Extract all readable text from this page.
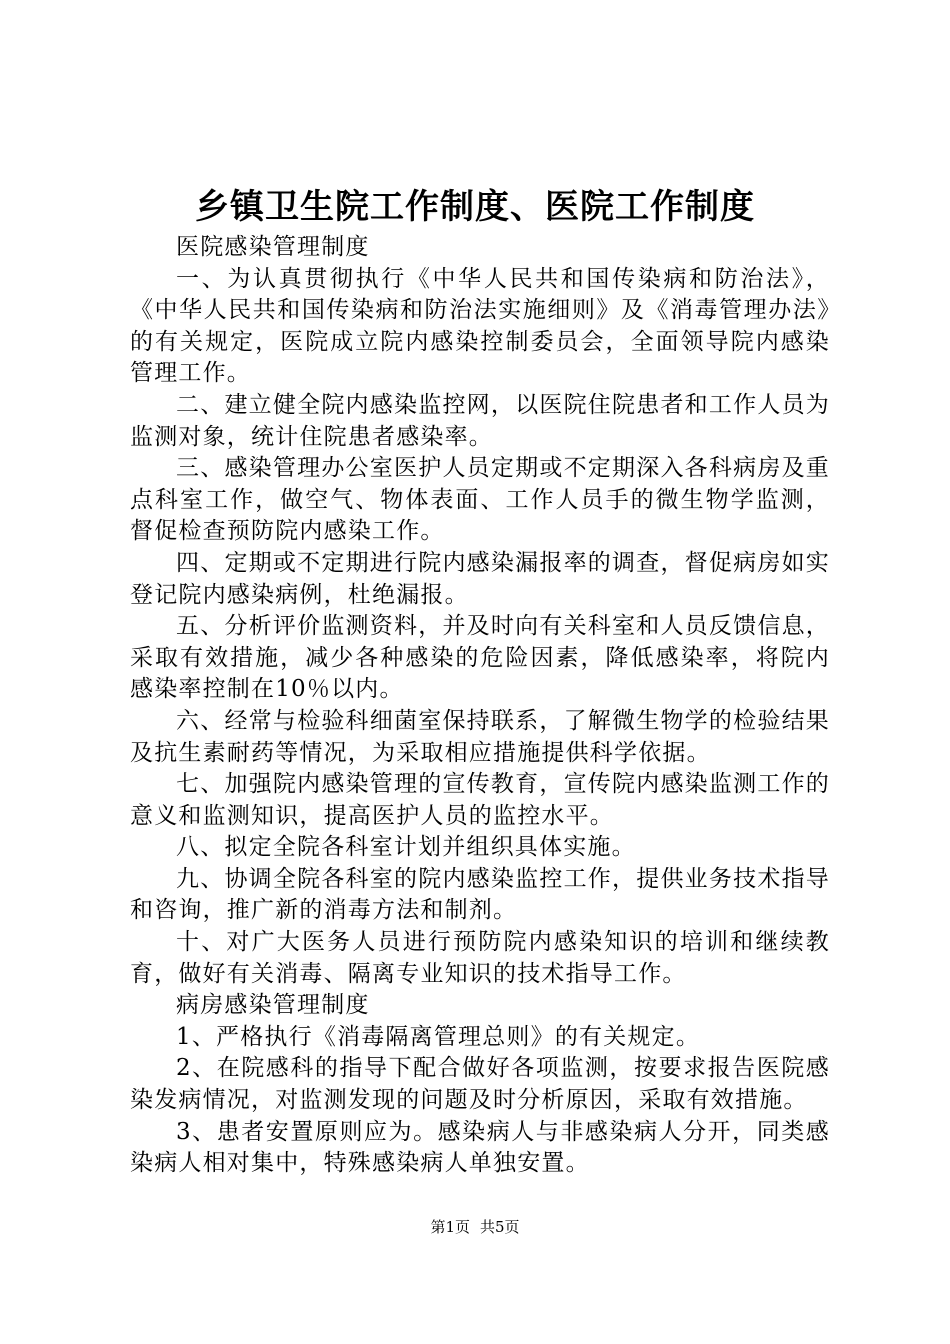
乡镇卫生院工作制度、医院工作制度

医院感染管理制度

一、为认真贯彻执行《中华人民共和国传染病和防治法》，《中华人民共和国传染病和防治法实施细则》及《消毒管理办法》的有关规定，医院成立院内感染控制委员会，全面领导院内感染管理工作。

二、建立健全院内感染监控网，以医院住院患者和工作人员为监测对象，统计住院患者感染率。

三、感染管理办公室医护人员定期或不定期深入各科病房及重点科室工作，做空气、物体表面、工作人员手的微生物学监测，督促检查预防院内感染工作。

四、定期或不定期进行院内感染漏报率的调查，督促病房如实登记院内感染病例，杜绝漏报。

五、分析评价监测资料，并及时向有关科室和人员反馈信息，采取有效措施，减少各种感染的危险因素，降低感染率，将院内感染率控制在10％以内。

六、经常与检验科细菌室保持联系，了解微生物学的检验结果及抗生素耐药等情况，为采取相应措施提供科学依据。

七、加强院内感染管理的宣传教育，宣传院内感染监测工作的意义和监测知识，提高医护人员的监控水平。

八、拟定全院各科室计划并组织具体实施。

九、协调全院各科室的院内感染监控工作，提供业务技术指导和咨询，推广新的消毒方法和制剂。

十、对广大医务人员进行预防院内感染知识的培训和继续教育，做好有关消毒、隔离专业知识的技术指导工作。

病房感染管理制度

1、严格执行《消毒隔离管理总则》的有关规定。

2、在院感科的指导下配合做好各项监测，按要求报告医院感染发病情况，对监测发现的问题及时分析原因，采取有效措施。

3、患者安置原则应为。感染病人与非感染病人分开，同类感染病人相对集中，特殊感染病人单独安置。

第1页 共5页
